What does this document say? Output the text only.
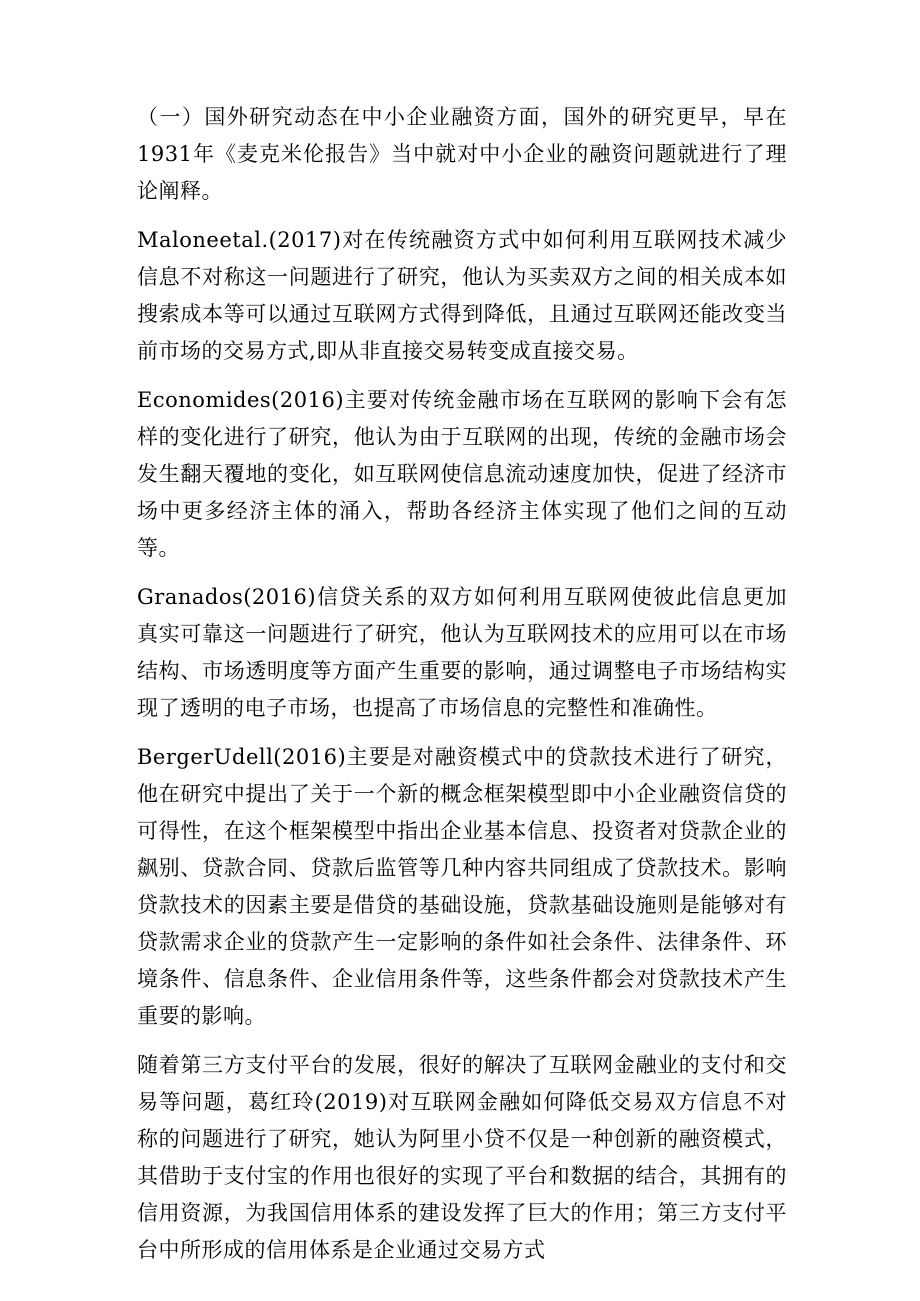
（一）国外研究动态在中小企业融资方面，国外的研究更早，早在1931年《麦克米伦报告》当中就对中小企业的融资问题就进行了理论阐释。

Maloneetal.(2017)对在传统融资方式中如何利用互联网技术减少信息不对称这一问题进行了研究，他认为买卖双方之间的相关成本如搜索成本等可以通过互联网方式得到降低，且通过互联网还能改变当前市场的交易方式,即从非直接交易转变成直接交易。

Economides(2016)主要对传统金融市场在互联网的影响下会有怎样的变化进行了研究，他认为由于互联网的出现，传统的金融市场会发生翻天覆地的变化，如互联网使信息流动速度加快，促进了经济市场中更多经济主体的涌入，帮助各经济主体实现了他们之间的互动等。

Granados(2016)信贷关系的双方如何利用互联网使彼此信息更加真实可靠这一问题进行了研究，他认为互联网技术的应用可以在市场结构、市场透明度等方面产生重要的影响，通过调整电子市场结构实现了透明的电子市场，也提高了市场信息的完整性和准确性。

BergerUdell(2016)主要是对融资模式中的贷款技术进行了研究，他在研究中提出了关于一个新的概念框架模型即中小企业融资信贷的可得性，在这个框架模型中指出企业基本信息、投资者对贷款企业的飙别、贷款合同、贷款后监管等几种内容共同组成了贷款技术。影响贷款技术的因素主要是借贷的基础设施，贷款基础设施则是能够对有贷款需求企业的贷款产生一定影响的条件如社会条件、法律条件、环境条件、信息条件、企业信用条件等，这些条件都会对贷款技术产生重要的影响。

随着第三方支付平台的发展，很好的解决了互联网金融业的支付和交易等问题，葛红玲(2019)对互联网金融如何降低交易双方信息不对称的问题进行了研究，她认为阿里小贷不仅是一种创新的融资模式，其借助于支付宝的作用也很好的实现了平台和数据的结合，其拥有的信用资源，为我国信用体系的建设发挥了巨大的作用；第三方支付平台中所形成的信用体系是企业通过交易方式
